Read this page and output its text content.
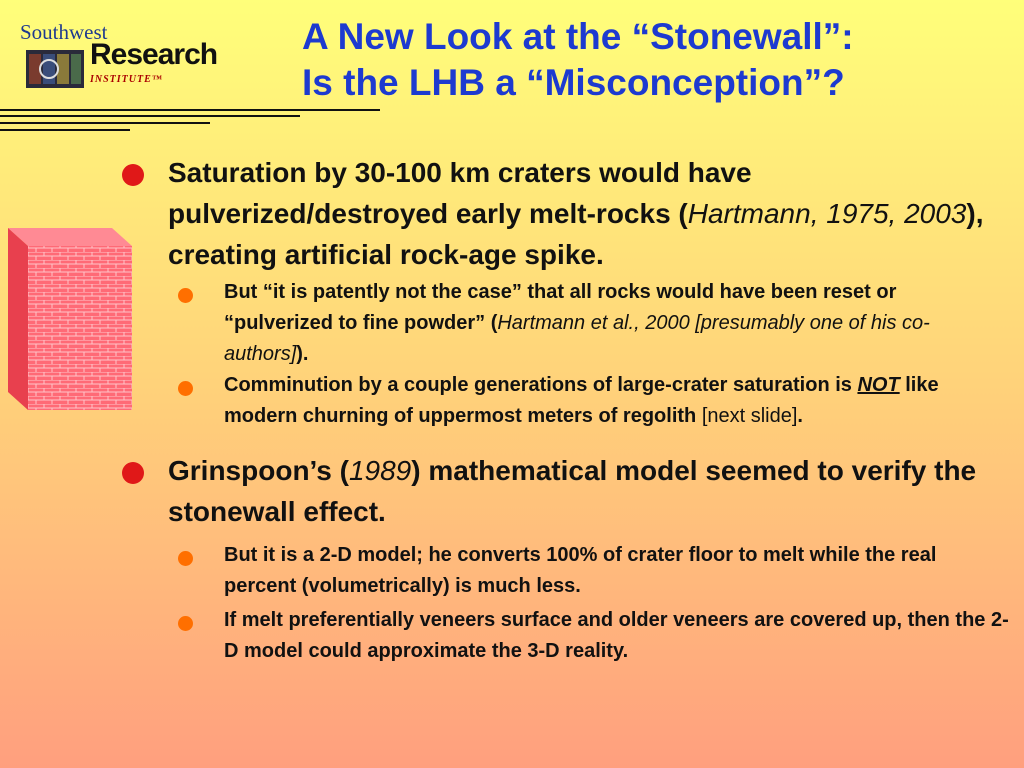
Southwest
Research
INSTITUTE™
A New Look at the “Stonewall”:
Is the LHB a “Misconception”?
Saturation by 30-100 km craters would have pulverized/destroyed early melt-rocks (Hartmann, 1975, 2003), creating artificial rock-age spike.
But “it is patently not the case” that all rocks would have been reset or “pulverized to fine powder” (Hartmann et al., 2000 [presumably one of his co-authors]).
Comminution by a couple generations of large-crater saturation is NOT like modern churning of uppermost meters of regolith [next slide].
Grinspoon’s (1989) mathematical model seemed to verify the stonewall effect.
But it is a 2-D model; he converts 100% of crater floor to melt while the real percent (volumetrically) is much less.
If melt preferentially veneers surface and older veneers are covered up, then the 2-D model could approximate the 3-D reality.
